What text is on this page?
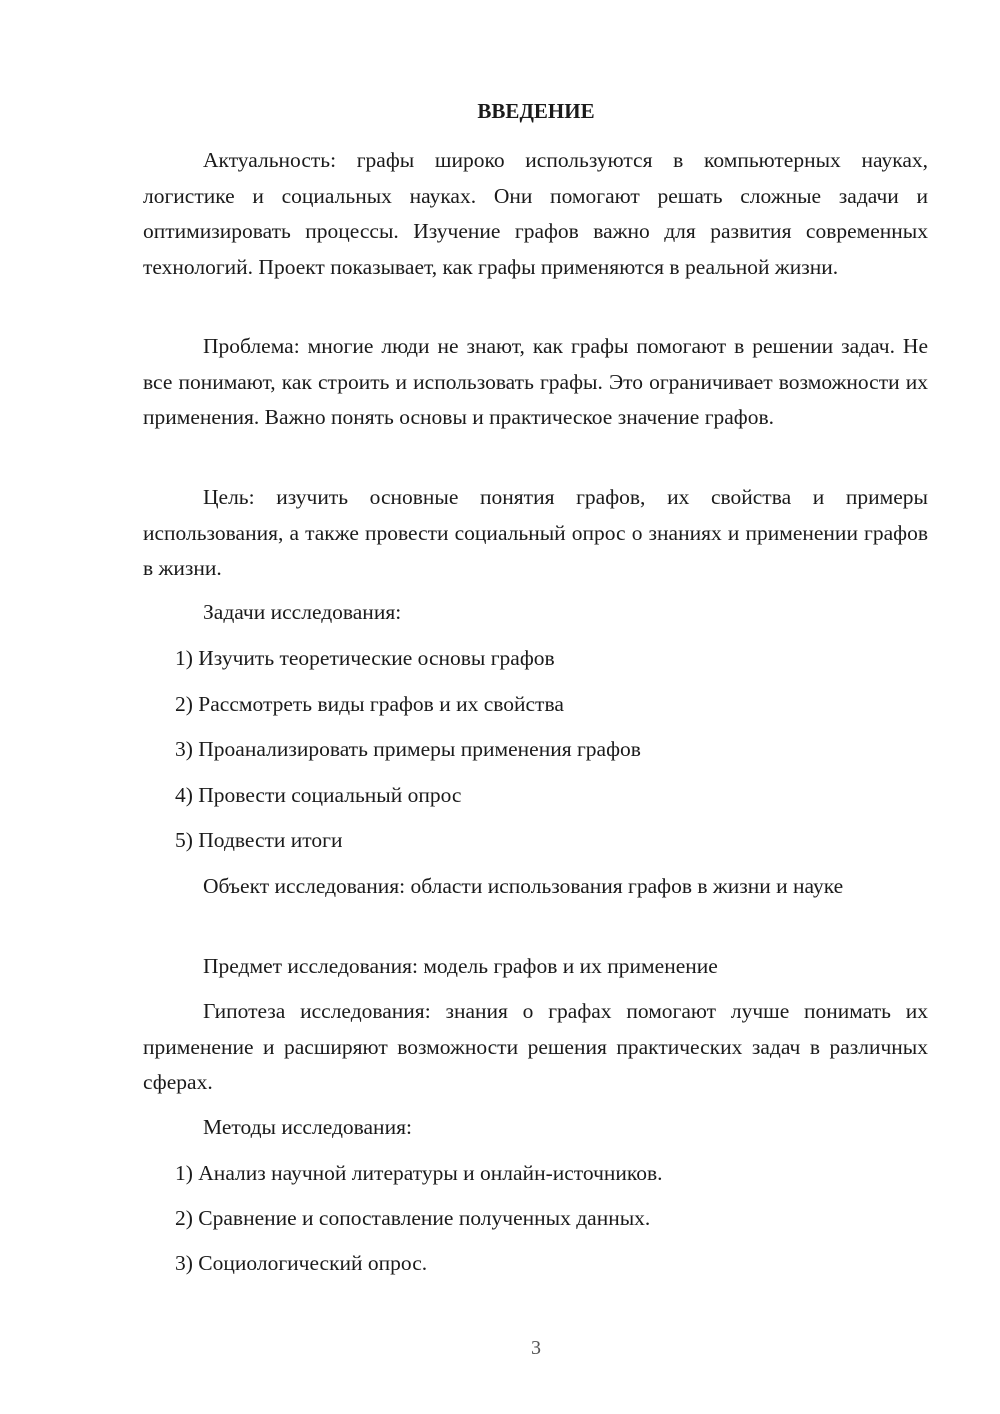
ВВЕДЕНИЕ

Актуальность: графы широко используются в компьютерных науках, логистике и социальных науках. Они помогают решать сложные задачи и оптимизировать процессы. Изучение графов важно для развития современных технологий. Проект показывает, как графы применяются в реальной жизни.

Проблема: многие люди не знают, как графы помогают в решении задач. Не все понимают, как строить и использовать графы. Это ограничивает возможности их применения. Важно понять основы и практическое значение графов.

Цель: изучить основные понятия графов, их свойства и примеры использования, а также провести социальный опрос о знаниях и применении графов в жизни.

Задачи исследования:
1) Изучить теоретические основы графов
2) Рассмотреть виды графов и их свойства
3) Проанализировать примеры применения графов
4) Провести социальный опрос
5) Подвести итоги

Объект исследования: области использования графов в жизни и науке

Предмет исследования: модель графов и их применение

Гипотеза исследования: знания о графах помогают лучше понимать их применение и расширяют возможности решения практических задач в различных сферах.

Методы исследования:
1) Анализ научной литературы и онлайн-источников.
2) Сравнение и сопоставление полученных данных.
3) Социологический опрос.
3
